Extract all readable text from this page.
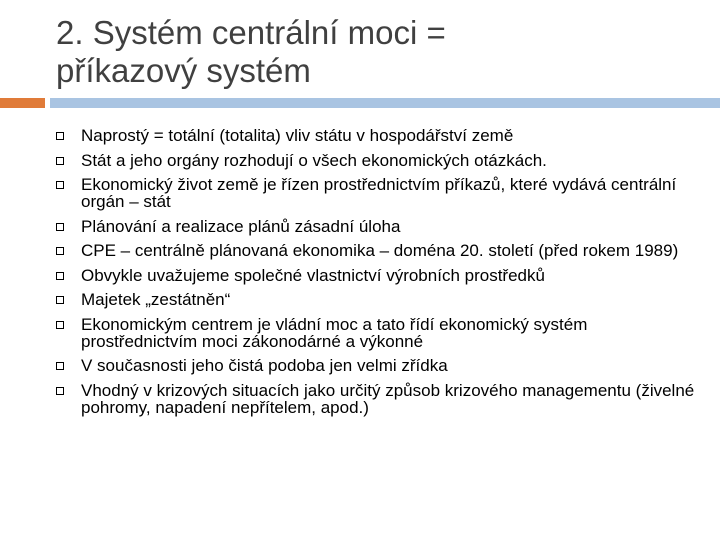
2. Systém centrální moci =
příkazový systém
Naprostý = totální (totalita) vliv státu v hospodářství země
Stát a jeho orgány rozhodují o všech ekonomických otázkách.
Ekonomický život země je řízen prostřednictvím příkazů, které vydává centrální orgán – stát
Plánování a realizace plánů zásadní úloha
CPE – centrálně plánovaná ekonomika – doména 20. století (před rokem 1989)
Obvykle uvažujeme společné vlastnictví výrobních prostředků
Majetek „zestátněn“
Ekonomickým centrem je vládní moc a tato řídí ekonomický systém prostřednictvím moci zákonodárné a výkonné
V současnosti jeho čistá podoba jen velmi zřídka
Vhodný v krizových situacích jako určitý způsob krizového managementu (živelné pohromy, napadení nepřítelem, apod.)
